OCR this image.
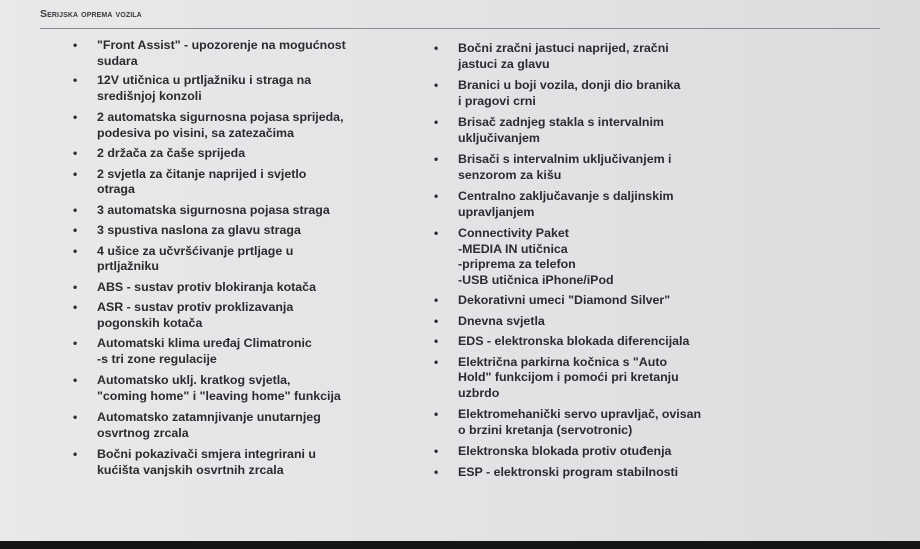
Serijska oprema vozila
• "Front Assist" - upozorenje na mogućnost
sudara
• 12V utičnica u prtljažniku i straga na
središnjoj konzoli
• 2 automatska sigurnosna pojasa sprijeda,
podesiva po visini, sa zatezačima
• 2 držača za čaše sprijeda
• 2 svjetla za čitanje naprijed i svjetlo
otraga
• 3 automatska sigurnosna pojasa straga
• 3 spustiva naslona za glavu straga
• 4 ušice za učvršćivanje prtljage u
prtljažniku
• ABS - sustav protiv blokiranja kotača
• ASR - sustav protiv proklizavanja
pogonskih kotača
• Automatski klima uređaj Climatronic
-s tri zone regulacije
• Automatsko uklj. kratkog svjetla,
"coming home" i "leaving home" funkcija
• Automatsko zatamnjivanje unutarnjeg
osvrtnog zrcala
• Bočni pokazivači smjera integrirani u
kućišta vanjskih osvrtnih zrcala
• Bočni zračni jastuci naprijed, zračni
jastuci za glavu
• Branici u boji vozila, donji dio branika
i pragovi crni
• Brisač zadnjeg stakla s intervalnim
uključivanjem
• Brisači s intervalnim uključivanjem i
senzorom za kišu
• Centralno zaključavanje s daljinskim
upravljanjem
• Connectivity Paket
-MEDIA IN utičnica
-priprema za telefon
-USB utičnica iPhone/iPod
• Dekorativni umeci "Diamond Silver"
• Dnevna svjetla
• EDS - elektronska blokada diferencijala
• Električna parkirna kočnica s "Auto
Hold" funkcijom i pomoći pri kretanju
uzbrdo
• Elektromehanički servo upravljač, ovisan
o brzini kretanja (servotronic)
• Elektronska blokada protiv otuđenja
• ESP - elektronski program stabilnosti
